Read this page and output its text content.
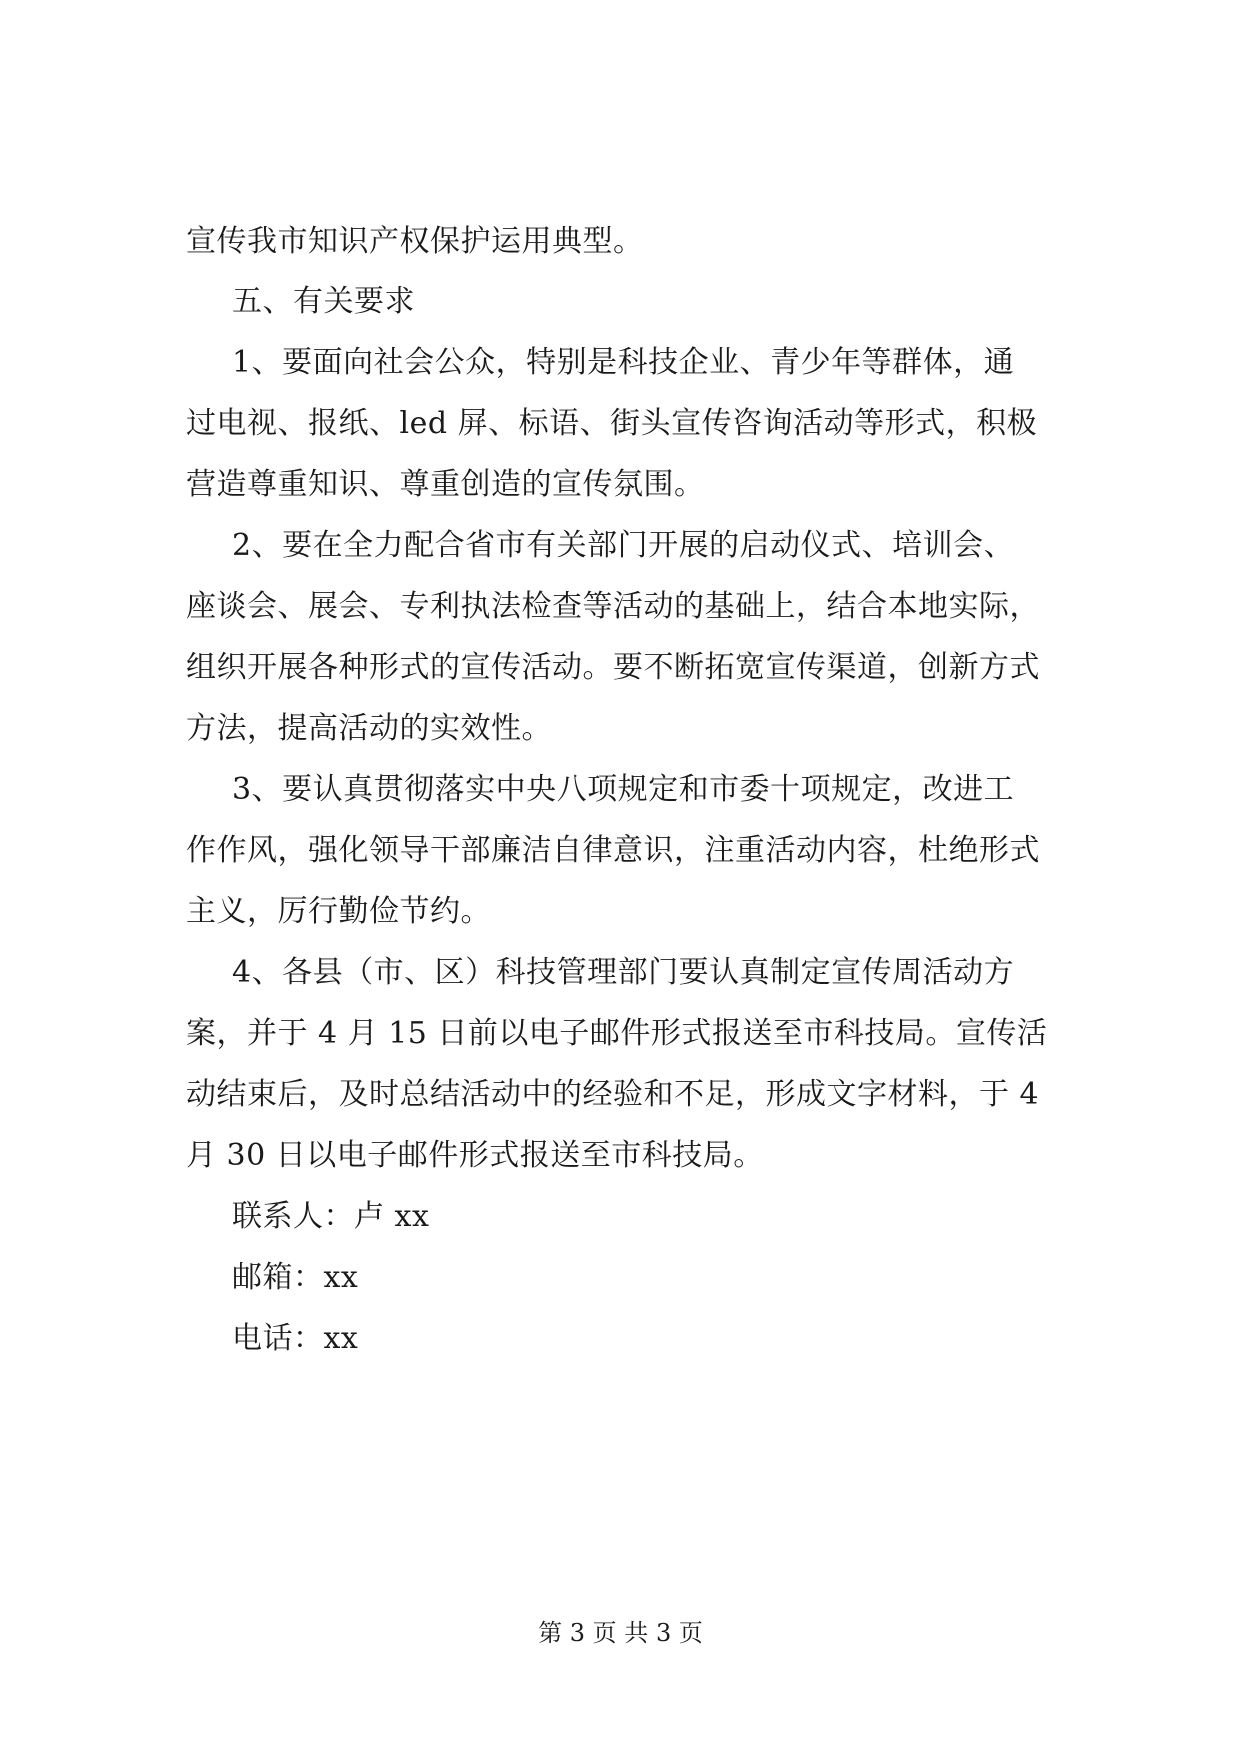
宣传我市知识产权保护运用典型。
五、有关要求
1、要面向社会公众，特别是科技企业、青少年等群体，通
过电视、报纸、led 屏、标语、街头宣传咨询活动等形式，积极
营造尊重知识、尊重创造的宣传氛围。
2、要在全力配合省市有关部门开展的启动仪式、培训会、
座谈会、展会、专利执法检查等活动的基础上，结合本地实际，
组织开展各种形式的宣传活动。要不断拓宽宣传渠道，创新方式
方法，提高活动的实效性。
3、要认真贯彻落实中央八项规定和市委十项规定，改进工
作作风，强化领导干部廉洁自律意识，注重活动内容，杜绝形式
主义，厉行勤俭节约。
4、各县（市、区）科技管理部门要认真制定宣传周活动方
案，并于 4 月 15 日前以电子邮件形式报送至市科技局。宣传活
动结束后，及时总结活动中的经验和不足，形成文字材料，于 4
月 30 日以电子邮件形式报送至市科技局。
联系人：卢 xx
邮箱：xx
电话：xx
第 3 页 共 3 页
